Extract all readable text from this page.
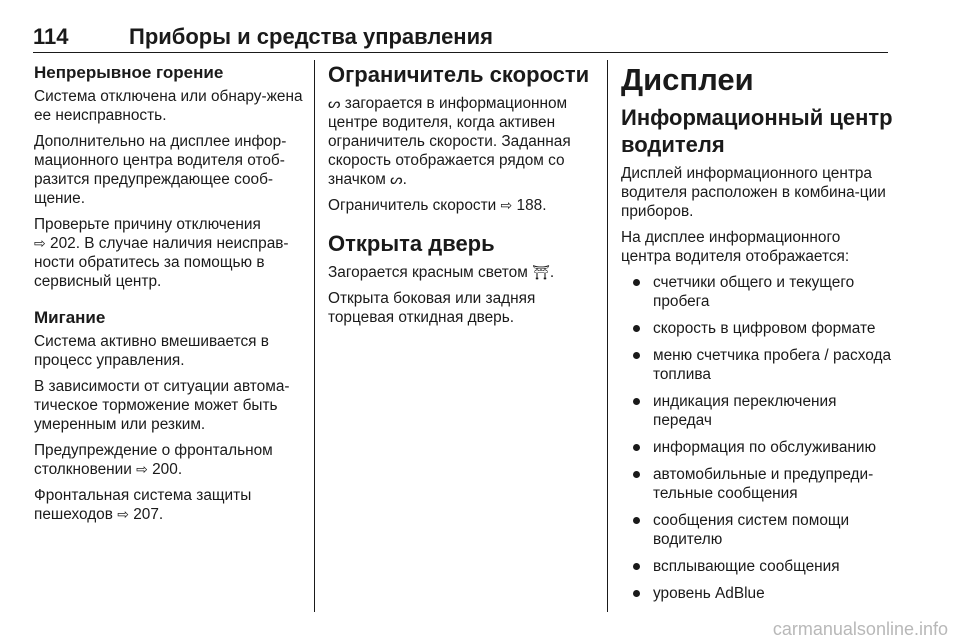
114	Приборы и средства управления
Непрерывное горение

Система отключена или обнару-жена ее неисправность.

Дополнительно на дисплее инфор-мационного центра водителя отоб-разится предупреждающее сооб-щение.

Проверьте причину отключения
⇨ 202. В случае наличия неисправ-ности обратитесь за помощью в сервисный центр.

Мигание

Система активно вмешивается в процесс управления.

В зависимости от ситуации автома-тическое торможение может быть умеренным или резким.

Предупреждение о фронтальном столкновении ⇨ 200.

Фронтальная система защиты пешеходов ⇨ 207.

Ограничитель скорости

ᔕ загорается в информационном центре водителя, когда активен ограничитель скорости. Заданная скорость отображается рядом со значком ᔕ.

Ограничитель скорости ⇨ 188.

Открыта дверь

Загорается красным светом ⛩.

Открыта боковая или задняя торцевая откидная дверь.

Дисплеи
Информационный центр водителя

Дисплей информационного центра водителя расположен в комбина-ции приборов.

На дисплее информационного центра водителя отображается:

счетчики общего и текущего пробега
скорость в цифровом формате
меню счетчика пробега / расхода топлива
индикация переключения передач
информация по обслуживанию
автомобильные и предупреди-тельные сообщения
сообщения систем помощи водителю
всплывающие сообщения
уровень AdBlue
carmanualsonline.info
